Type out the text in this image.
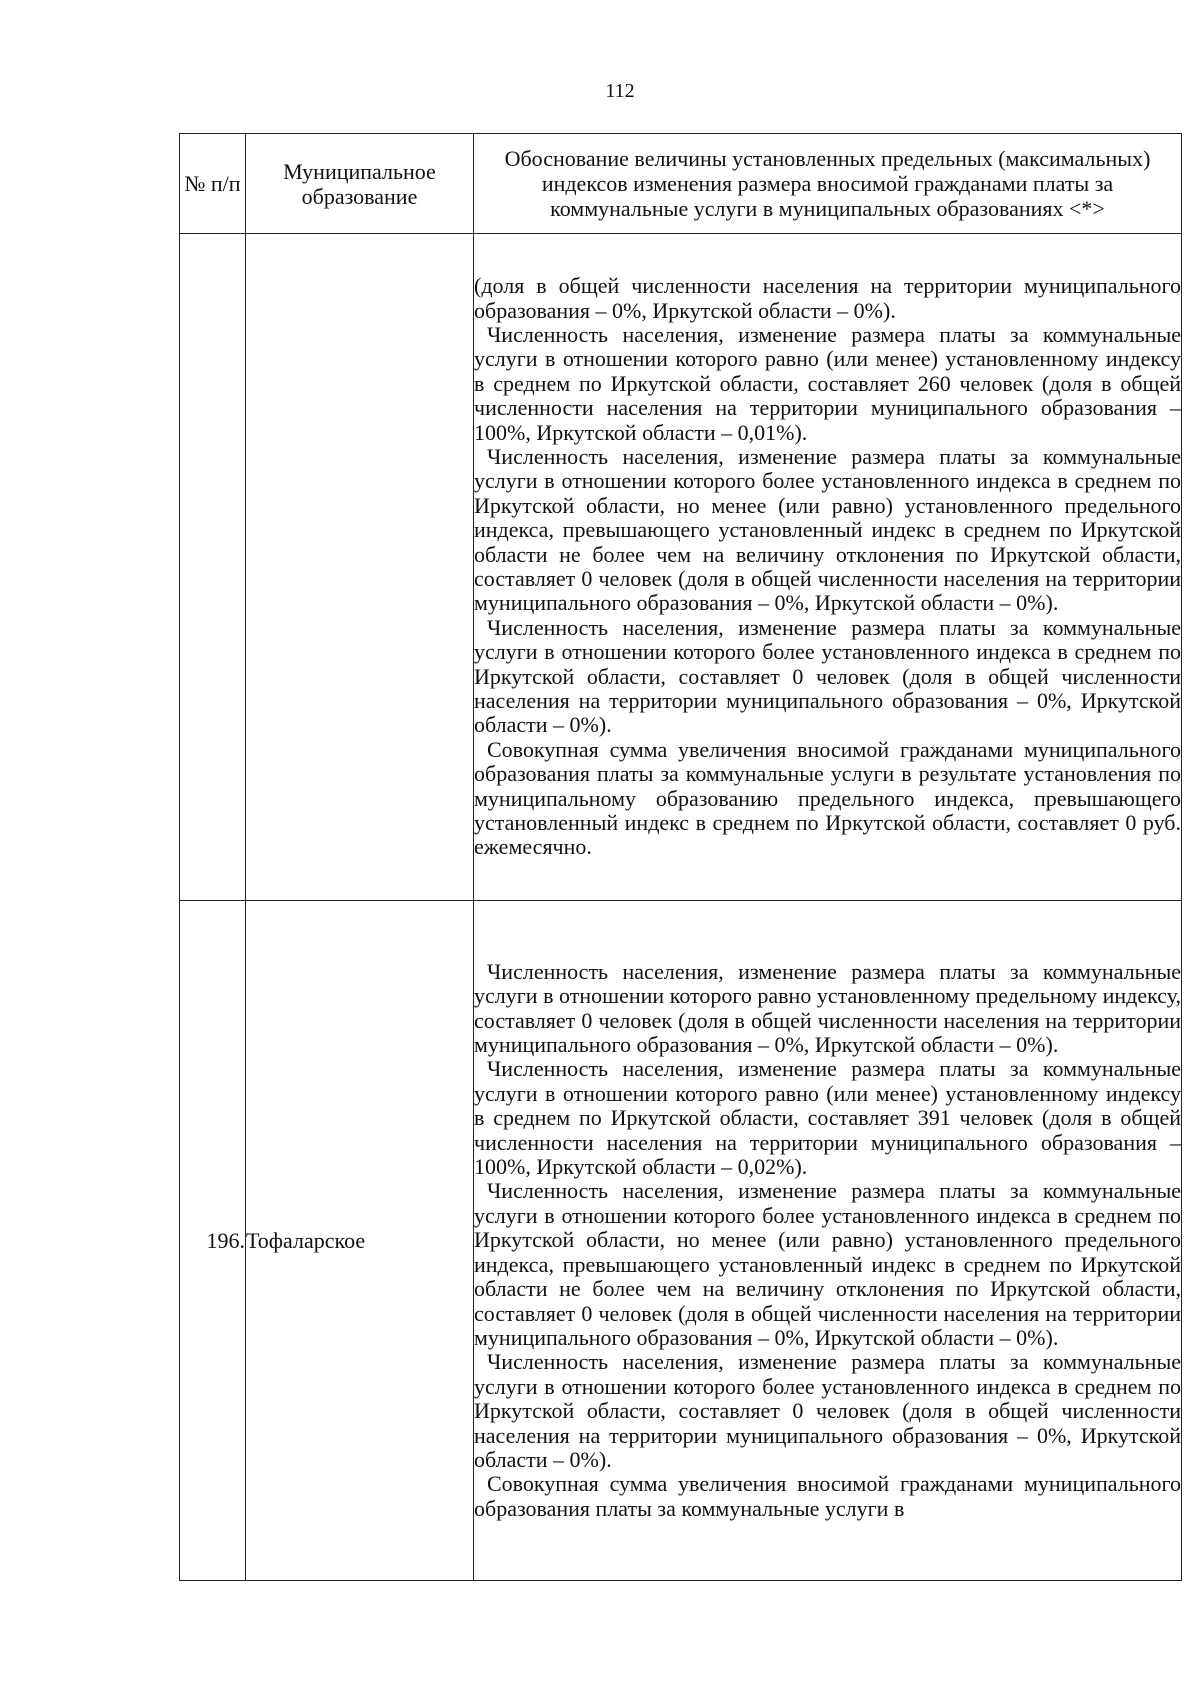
112
№ п/п	Муниципальное образование	Обоснование величины установленных предельных (максимальных) индексов изменения размера вносимой гражданами платы за коммунальные услуги в муниципальных образованиях <*>

		(доля в общей численности населения на территории муниципального образования – 0%, Иркутской области – 0%).

Численность населения, изменение размера платы за коммунальные услуги в отношении которого равно (или менее) установленному индексу в среднем по Иркутской области, составляет 260 человек (доля в общей численности населения на территории муниципального образования – 100%, Иркутской области – 0,01%).

Численность населения, изменение размера платы за коммунальные услуги в отношении которого более установленного индекса в среднем по Иркутской области, но менее (или равно) установленного предельного индекса, превышающего установленный индекс в среднем по Иркутской области не более чем на величину отклонения по Иркутской области, составляет 0 человек (доля в общей численности населения на территории муниципального образования – 0%, Иркутской области – 0%).

Численность населения, изменение размера платы за коммунальные услуги в отношении которого более установленного индекса в среднем по Иркутской области, составляет 0 человек (доля в общей численности населения на территории муниципального образования – 0%, Иркутской области – 0%).

Совокупная сумма увеличения вносимой гражданами муниципального образования платы за коммунальные услуги в результате установления по муниципальному образованию предельного индекса, превышающего установленный индекс в среднем по Иркутской области, составляет 0 руб. ежемесячно.

196.	Тофаларское	Численность населения, изменение размера платы за коммунальные услуги в отношении которого равно установленному предельному индексу, составляет 0 человек (доля в общей численности населения на территории муниципального образования – 0%, Иркутской области – 0%).

Численность населения, изменение размера платы за коммунальные услуги в отношении которого равно (или менее) установленному индексу в среднем по Иркутской области, составляет 391 человек (доля в общей численности населения на территории муниципального образования – 100%, Иркутской области – 0,02%).

Численность населения, изменение размера платы за коммунальные услуги в отношении которого более установленного индекса в среднем по Иркутской области, но менее (или равно) установленного предельного индекса, превышающего установленный индекс в среднем по Иркутской области не более чем на величину отклонения по Иркутской области, составляет 0 человек (доля в общей численности населения на территории муниципального образования – 0%, Иркутской области – 0%).

Численность населения, изменение размера платы за коммунальные услуги в отношении которого более установленного индекса в среднем по Иркутской области, составляет 0 человек (доля в общей численности населения на территории муниципального образования – 0%, Иркутской области – 0%).

Совокупная сумма увеличения вносимой гражданами муниципального образования платы за коммунальные услуги в
